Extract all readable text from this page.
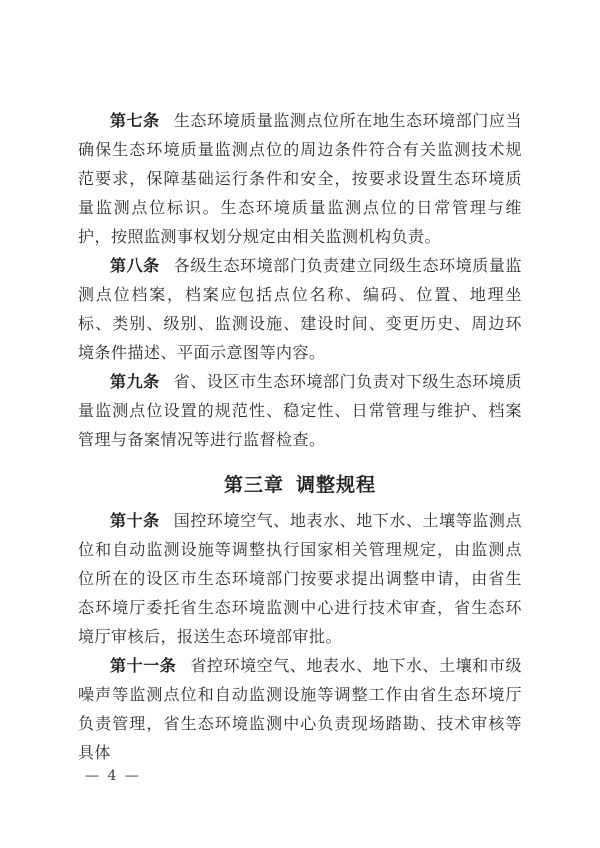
第七条 生态环境质量监测点位所在地生态环境部门应当确保生态环境质量监测点位的周边条件符合有关监测技术规范要求，保障基础运行条件和安全，按要求设置生态环境质量监测点位标识。生态环境质量监测点位的日常管理与维护，按照监测事权划分规定由相关监测机构负责。

第八条 各级生态环境部门负责建立同级生态环境质量监测点位档案，档案应包括点位名称、编码、位置、地理坐标、类别、级别、监测设施、建设时间、变更历史、周边环境条件描述、平面示意图等内容。

第九条 省、设区市生态环境部门负责对下级生态环境质量监测点位设置的规范性、稳定性、日常管理与维护、档案管理与备案情况等进行监督检查。

第三章 调整规程

第十条 国控环境空气、地表水、地下水、土壤等监测点位和自动监测设施等调整执行国家相关管理规定，由监测点位所在的设区市生态环境部门按要求提出调整申请，由省生态环境厅委托省生态环境监测中心进行技术审查，省生态环境厅审核后，报送生态环境部审批。

第十一条 省控环境空气、地表水、地下水、土壤和市级噪声等监测点位和自动监测设施等调整工作由省生态环境厅负责管理，省生态环境监测中心负责现场踏勘、技术审核等具体

— 4 —
